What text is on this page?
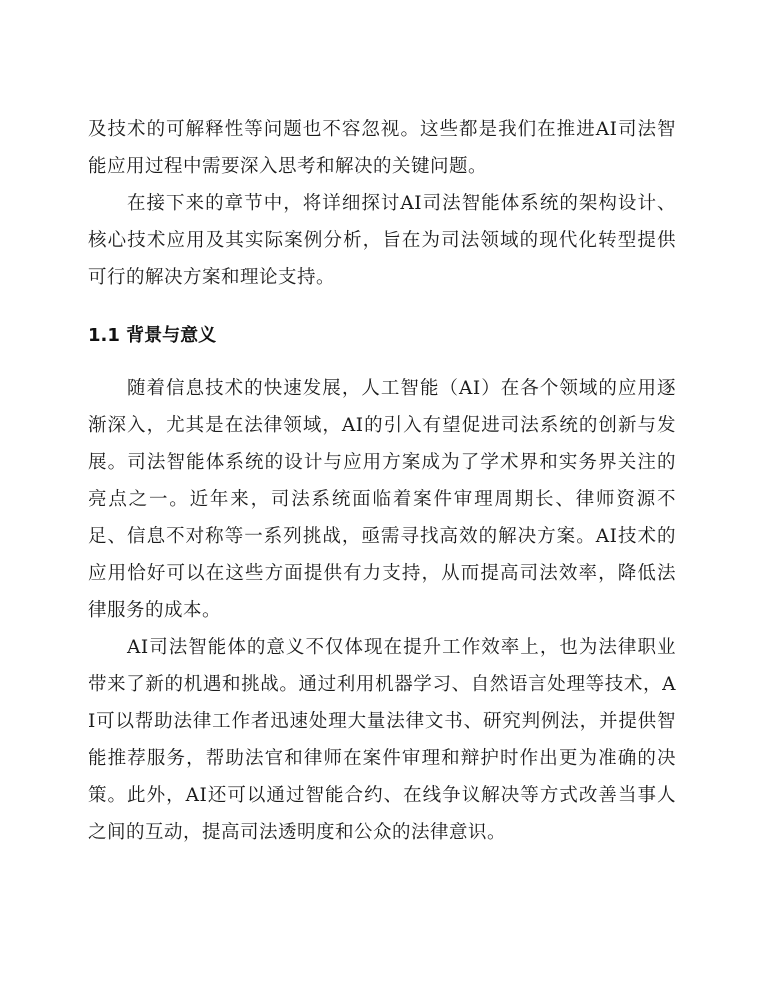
及技术的可解释性等问题也不容忽视。这些都是我们在推进AI司法智能应用过程中需要深入思考和解决的关键问题。
在接下来的章节中，将详细探讨AI司法智能体系统的架构设计、核心技术应用及其实际案例分析，旨在为司法领域的现代化转型提供可行的解决方案和理论支持。
1.1 背景与意义
随着信息技术的快速发展，人工智能（AI）在各个领域的应用逐渐深入，尤其是在法律领域，AI的引入有望促进司法系统的创新与发展。司法智能体系统的设计与应用方案成为了学术界和实务界关注的亮点之一。近年来，司法系统面临着案件审理周期长、律师资源不足、信息不对称等一系列挑战，亟需寻找高效的解决方案。AI技术的应用恰好可以在这些方面提供有力支持，从而提高司法效率，降低法律服务的成本。
AI司法智能体的意义不仅体现在提升工作效率上，也为法律职业带来了新的机遇和挑战。通过利用机器学习、自然语言处理等技术，AI可以帮助法律工作者迅速处理大量法律文书、研究判例法，并提供智能推荐服务，帮助法官和律师在案件审理和辩护时作出更为准确的决策。此外，AI还可以通过智能合约、在线争议解决等方式改善当事人之间的互动，提高司法透明度和公众的法律意识。
